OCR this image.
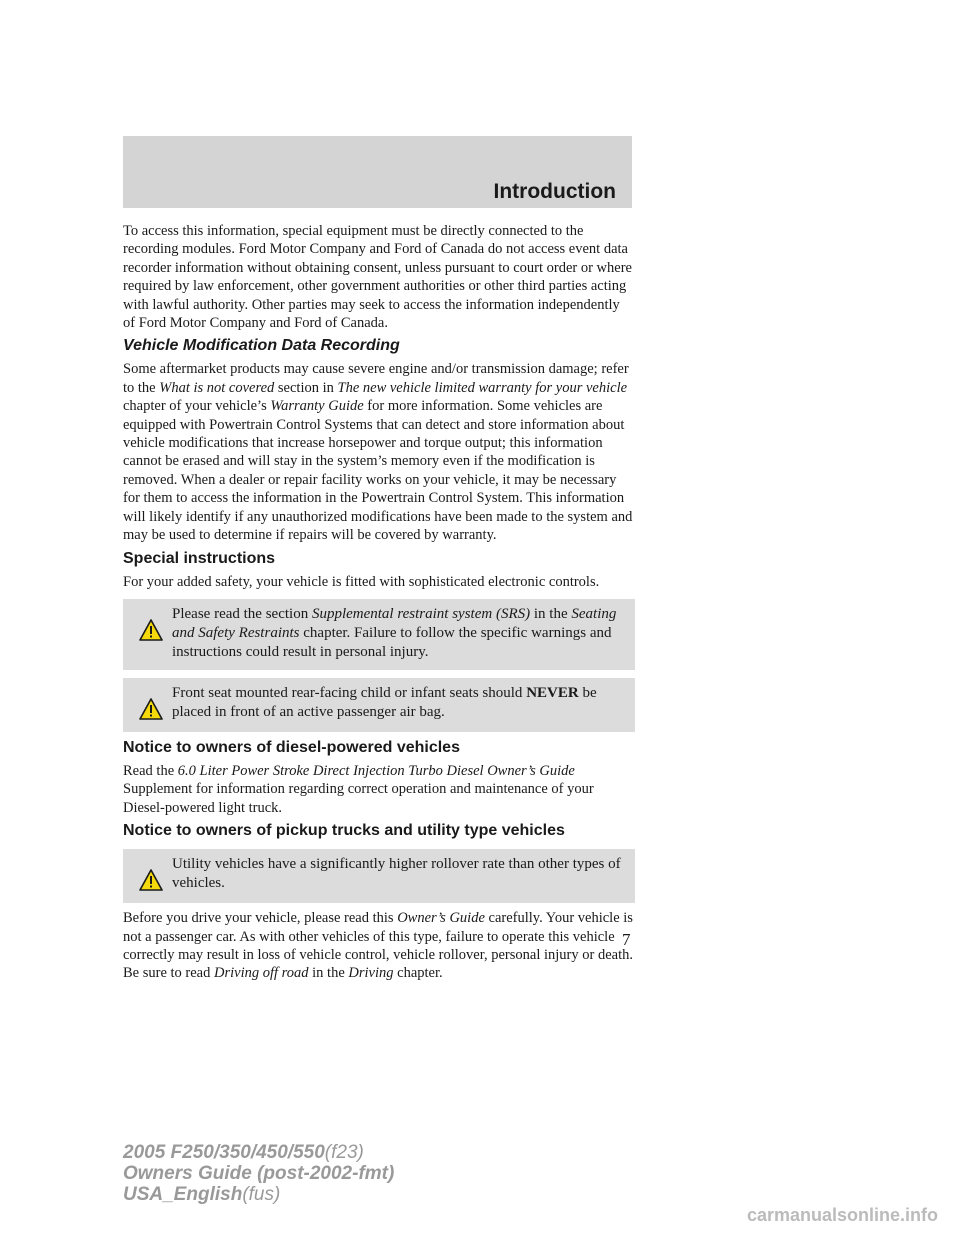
Introduction

To access this information, special equipment must be directly connected to the recording modules. Ford Motor Company and Ford of Canada do not access event data recorder information without obtaining consent, unless pursuant to court order or where required by law enforcement, other government authorities or other third parties acting with lawful authority. Other parties may seek to access the information independently of Ford Motor Company and Ford of Canada.

Vehicle Modification Data Recording

Some aftermarket products may cause severe engine and/or transmission damage; refer to the What is not covered section in The new vehicle limited warranty for your vehicle chapter of your vehicle’s Warranty Guide for more information. Some vehicles are equipped with Powertrain Control Systems that can detect and store information about vehicle modifications that increase horsepower and torque output; this information cannot be erased and will stay in the system’s memory even if the modification is removed. When a dealer or repair facility works on your vehicle, it may be necessary for them to access the information in the Powertrain Control System. This information will likely identify if any unauthorized modifications have been made to the system and may be used to determine if repairs will be covered by warranty.

Special instructions

For your added safety, your vehicle is fitted with sophisticated electronic controls.

Please read the section Supplemental restraint system (SRS) in the Seating and Safety Restraints chapter. Failure to follow the specific warnings and instructions could result in personal injury.

Front seat mounted rear-facing child or infant seats should NEVER be placed in front of an active passenger air bag.

Notice to owners of diesel-powered vehicles

Read the 6.0 Liter Power Stroke Direct Injection Turbo Diesel Owner’s Guide Supplement for information regarding correct operation and maintenance of your Diesel-powered light truck.

Notice to owners of pickup trucks and utility type vehicles

Utility vehicles have a significantly higher rollover rate than other types of vehicles.

Before you drive your vehicle, please read this Owner’s Guide carefully. Your vehicle is not a passenger car. As with other vehicles of this type, failure to operate this vehicle correctly may result in loss of vehicle control, vehicle rollover, personal injury or death.

Be sure to read Driving off road in the Driving chapter.

7
2005 F250/350/450/550(f23)
Owners Guide (post-2002-fmt)
USA_English(fus)
carmanualsonline.info
